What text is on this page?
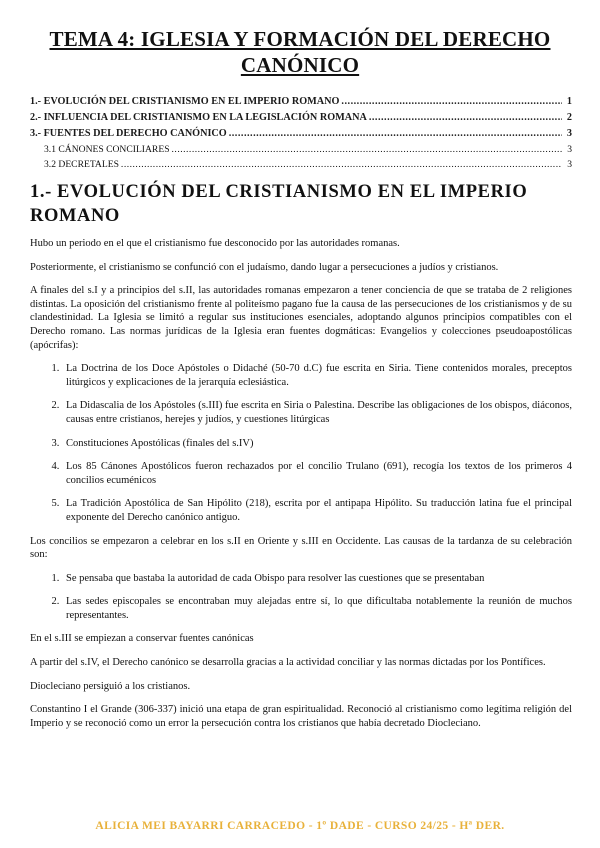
TEMA 4: IGLESIA Y FORMACIÓN DEL DERECHO CANÓNICO
1.- EVOLUCIÓN DEL CRISTIANISMO EN EL IMPERIO ROMANO .....	1
2.- INFLUENCIA DEL CRISTIANISMO EN LA LEGISLACIÓN ROMANA .....	2
3.- FUENTES DEL DERECHO CANÓNICO .....	3
3.1 CÁNONES CONCILIARES .....	3
3.2 DECRETALES .....	3
1.- EVOLUCIÓN DEL CRISTIANISMO EN EL IMPERIO ROMANO

Hubo un periodo en el que el cristianismo fue desconocido por las autoridades romanas.

Posteriormente, el cristianismo se confunció con el judaísmo, dando lugar a persecuciones a judíos y cristianos.

A finales del s.I y a principios del s.II, las autoridades romanas empezaron a tener conciencia de que se trataba de 2 religiones distintas. La oposición del cristianismo frente al politeísmo pagano fue la causa de las persecuciones de los cristianismos y de su clandestinidad. La Iglesia se limitó a regular sus instituciones esenciales, adoptando algunos principios compatibles con el Derecho romano. Las normas jurídicas de la Iglesia eran fuentes dogmáticas: Evangelios y colecciones pseudoapostólicas (apócrifas):

1. La Doctrina de los Doce Apóstoles o Didaché (50-70 d.C) fue escrita en Siria. Tiene contenidos morales, preceptos litúrgicos y explicaciones de la jerarquía eclesiástica.
2. La Didascalia de los Apóstoles (s.III) fue escrita en Siria o Palestina. Describe las obligaciones de los obispos, diáconos, causas entre cristianos, herejes y judíos, y cuestiones litúrgicas
3. Constituciones Apostólicas (finales del s.IV)
4. Los 85 Cánones Apostólicos fueron rechazados por el concilio Trulano (691), recogía los textos de los primeros 4 concilios ecuménicos
5. La Tradición Apostólica de San Hipólito (218), escrita por el antipapa Hipólito. Su traducción latina fue el principal exponente del Derecho canónico antiguo.

Los concilios se empezaron a celebrar en los s.II en Oriente y s.III en Occidente. Las causas de la tardanza de su celebración son:

1. Se pensaba que bastaba la autoridad de cada Obispo para resolver las cuestiones que se presentaban
2. Las sedes episcopales se encontraban muy alejadas entre sí, lo que dificultaba notablemente la reunión de muchos representantes.

En el s.III se empiezan a conservar fuentes canónicas

A partir del s.IV, el Derecho canónico se desarrolla gracias a la actividad conciliar y las normas dictadas por los Pontífices.

Diocleciano persiguió a los cristianos.

Constantino I el Grande (306-337) inició una etapa de gran espiritualidad. Reconoció al cristianismo como legítima religión del Imperio y se reconoció como un error la persecución contra los cristianos que había decretado Diocleciano.

ALICIA MEI BAYARRI CARRACEDO - 1º DADE - CURSO 24/25 - Hª DER.
